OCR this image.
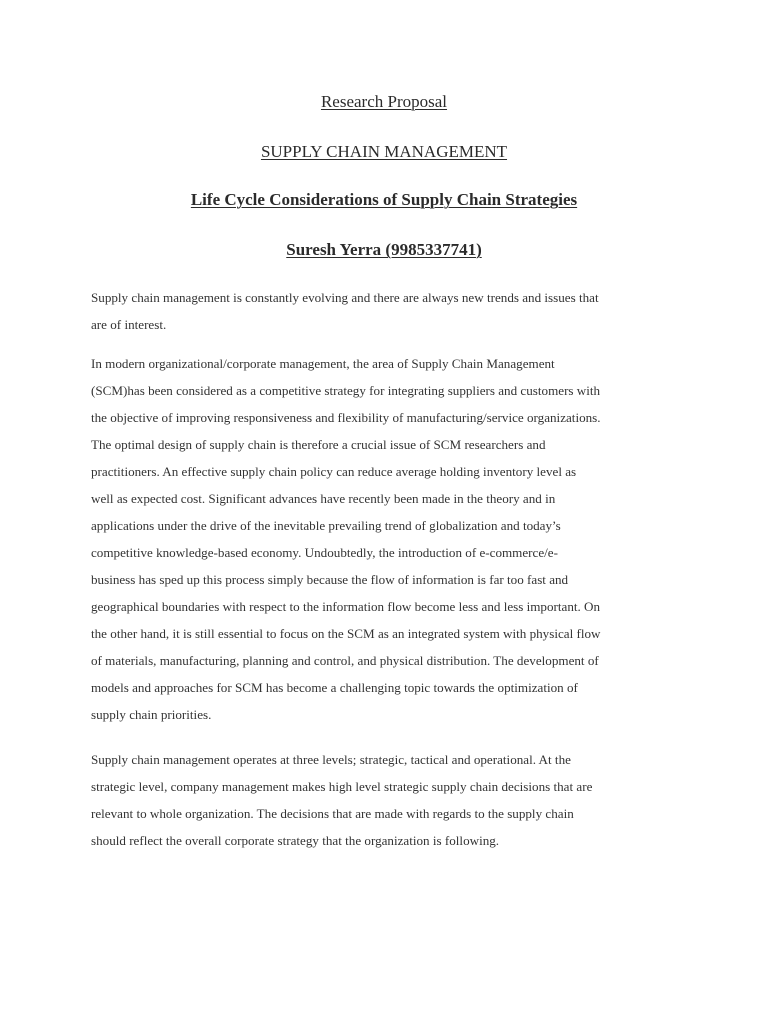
Research Proposal
SUPPLY CHAIN MANAGEMENT
Life Cycle Considerations of Supply Chain Strategies
Suresh Yerra (9985337741)

Supply chain management is constantly evolving and there are always new trends and issues that
are of interest.

In modern organizational/corporate management, the area of Supply Chain Management
(SCM)has been considered as a competitive strategy for integrating suppliers and customers with
the objective of improving responsiveness and flexibility of manufacturing/service organizations.
The optimal design of supply chain is therefore a crucial issue of SCM researchers and
practitioners. An effective supply chain policy can reduce average holding inventory level as
well as expected cost. Significant advances have recently been made in the theory and in
applications under the drive of the inevitable prevailing trend of globalization and today’s
competitive knowledge-based economy. Undoubtedly, the introduction of e-commerce/e-
business has sped up this process simply because the flow of information is far too fast and
geographical boundaries with respect to the information flow become less and less important. On
the other hand, it is still essential to focus on the SCM as an integrated system with physical flow
of materials, manufacturing, planning and control, and physical distribution. The development of
models and approaches for SCM has become a challenging topic towards the optimization of
supply chain priorities.

Supply chain management operates at three levels; strategic, tactical and operational. At the
strategic level, company management makes high level strategic supply chain decisions that are
relevant to whole organization. The decisions that are made with regards to the supply chain
should reflect the overall corporate strategy that the organization is following.
